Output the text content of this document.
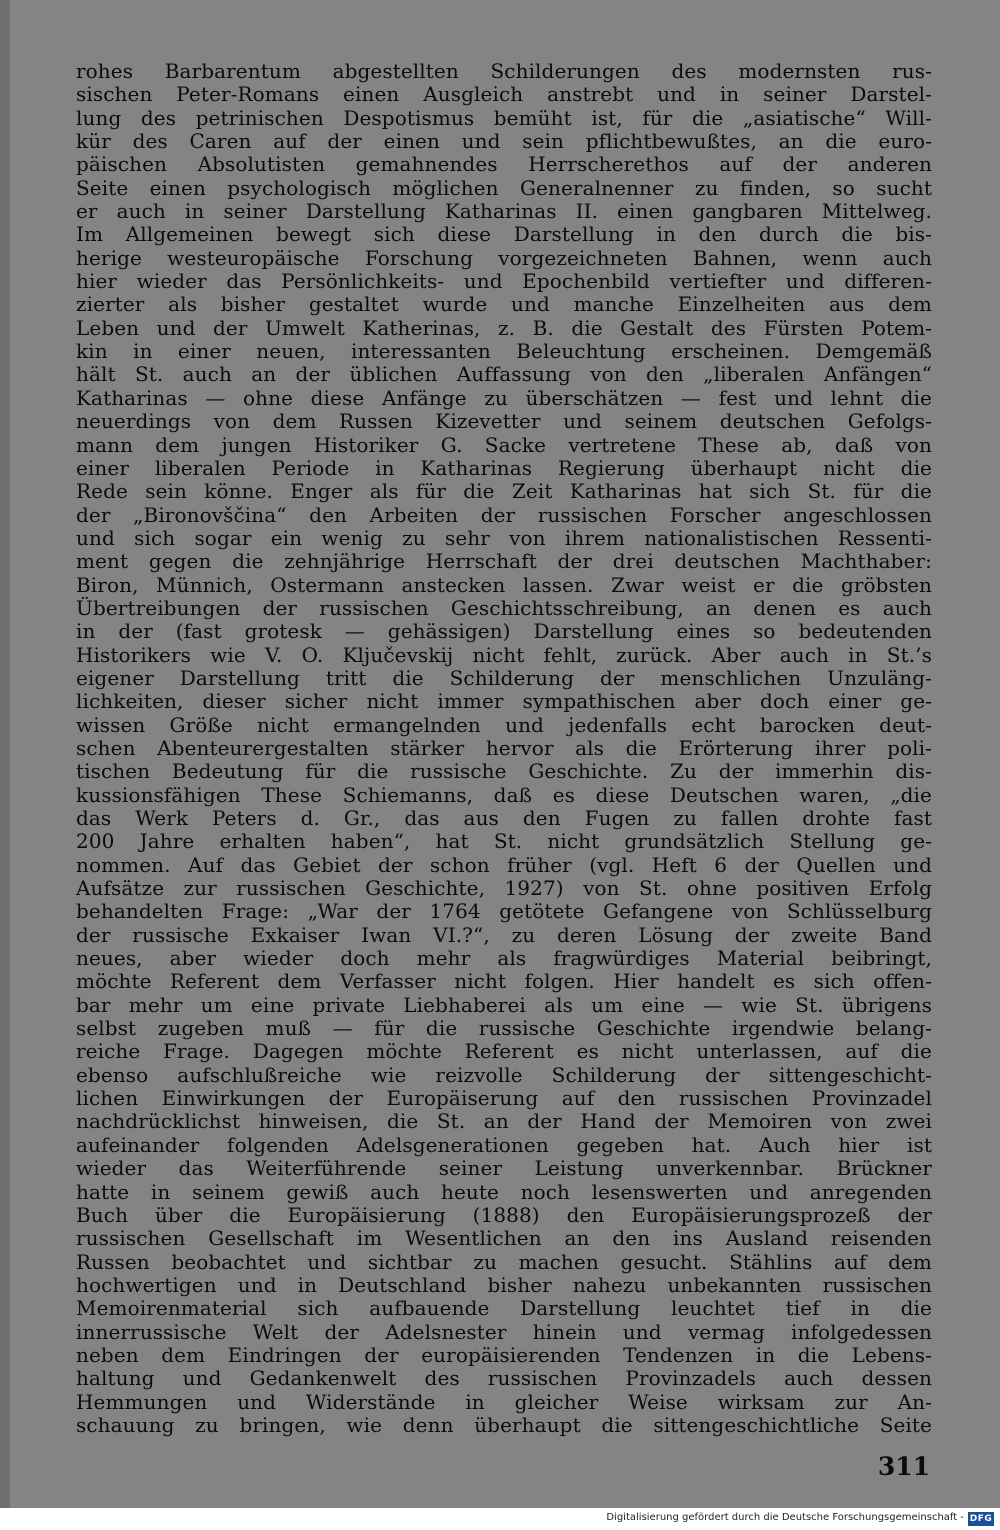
rohes Barbarentum abgestellten Schilderungen des modernsten rus-
sischen Peter-Romans einen Ausgleich anstrebt und in seiner Darstel-
lung des petrinischen Despotismus bemüht ist, für die „asiatische“ Will-
kür des Caren auf der einen und sein pflichtbewußtes, an die euro-
päischen Absolutisten gemahnendes Herrscherethos auf der anderen
Seite einen psychologisch möglichen Generalnenner zu finden, so sucht
er auch in seiner Darstellung Katharinas II. einen gangbaren Mittelweg.
Im Allgemeinen bewegt sich diese Darstellung in den durch die bis-
herige westeuropäische Forschung vorgezeichneten Bahnen, wenn auch
hier wieder das Persönlichkeits- und Epochenbild vertiefter und differen-
zierter als bisher gestaltet wurde und manche Einzelheiten aus dem
Leben und der Umwelt Katherinas, z. B. die Gestalt des Fürsten Potem-
kin in einer neuen, interessanten Beleuchtung erscheinen. Demgemäß
hält St. auch an der üblichen Auffassung von den „liberalen Anfängen“
Katharinas — ohne diese Anfänge zu überschätzen — fest und lehnt die
neuerdings von dem Russen Kizevetter und seinem deutschen Gefolgs-
mann dem jungen Historiker G. Sacke vertretene These ab, daß von
einer liberalen Periode in Katharinas Regierung überhaupt nicht die
Rede sein könne. Enger als für die Zeit Katharinas hat sich St. für die
der „Bironovščina“ den Arbeiten der russischen Forscher angeschlossen
und sich sogar ein wenig zu sehr von ihrem nationalistischen Ressenti-
ment gegen die zehnjährige Herrschaft der drei deutschen Machthaber:
Biron, Münnich, Ostermann anstecken lassen. Zwar weist er die gröbsten
Übertreibungen der russischen Geschichtsschreibung, an denen es auch
in der (fast grotesk — gehässigen) Darstellung eines so bedeutenden
Historikers wie V. O. Ključevskij nicht fehlt, zurück. Aber auch in St.’s
eigener Darstellung tritt die Schilderung der menschlichen Unzuläng-
lichkeiten, dieser sicher nicht immer sympathischen aber doch einer ge-
wissen Größe nicht ermangelnden und jedenfalls echt barocken deut-
schen Abenteurergestalten stärker hervor als die Erörterung ihrer poli-
tischen Bedeutung für die russische Geschichte. Zu der immerhin dis-
kussionsfähigen These Schiemanns, daß es diese Deutschen waren, „die
das Werk Peters d. Gr., das aus den Fugen zu fallen drohte fast
200 Jahre erhalten haben“, hat St. nicht grundsätzlich Stellung ge-
nommen. Auf das Gebiet der schon früher (vgl. Heft 6 der Quellen und
Aufsätze zur russischen Geschichte, 1927) von St. ohne positiven Erfolg
behandelten Frage: „War der 1764 getötete Gefangene von Schlüsselburg
der russische Exkaiser Iwan VI.?“, zu deren Lösung der zweite Band
neues, aber wieder doch mehr als fragwürdiges Material beibringt,
möchte Referent dem Verfasser nicht folgen. Hier handelt es sich offen-
bar mehr um eine private Liebhaberei als um eine — wie St. übrigens
selbst zugeben muß — für die russische Geschichte irgendwie belang-
reiche Frage. Dagegen möchte Referent es nicht unterlassen, auf die
ebenso aufschlußreiche wie reizvolle Schilderung der sittengeschicht-
lichen Einwirkungen der Europäiserung auf den russischen Provinzadel
nachdrücklichst hinweisen, die St. an der Hand der Memoiren von zwei
aufeinander folgenden Adelsgenerationen gegeben hat. Auch hier ist
wieder das Weiterführende seiner Leistung unverkennbar. Brückner
hatte in seinem gewiß auch heute noch lesenswerten und anregenden
Buch über die Europäisierung (1888) den Europäisierungsprozeß der
russischen Gesellschaft im Wesentlichen an den ins Ausland reisenden
Russen beobachtet und sichtbar zu machen gesucht. Stählins auf dem
hochwertigen und in Deutschland bisher nahezu unbekannten russischen
Memoirenmaterial sich aufbauende Darstellung leuchtet tief in die
innerrussische Welt der Adelsnester hinein und vermag infolgedessen
neben dem Eindringen der europäisierenden Tendenzen in die Lebens-
haltung und Gedankenwelt des russischen Provinzadels auch dessen
Hemmungen und Widerstände in gleicher Weise wirksam zur An-
schauung zu bringen, wie denn überhaupt die sittengeschichtliche Seite
311
Digitalisierung gefördert durch die Deutsche Forschungsgemeinschaft - DFG
